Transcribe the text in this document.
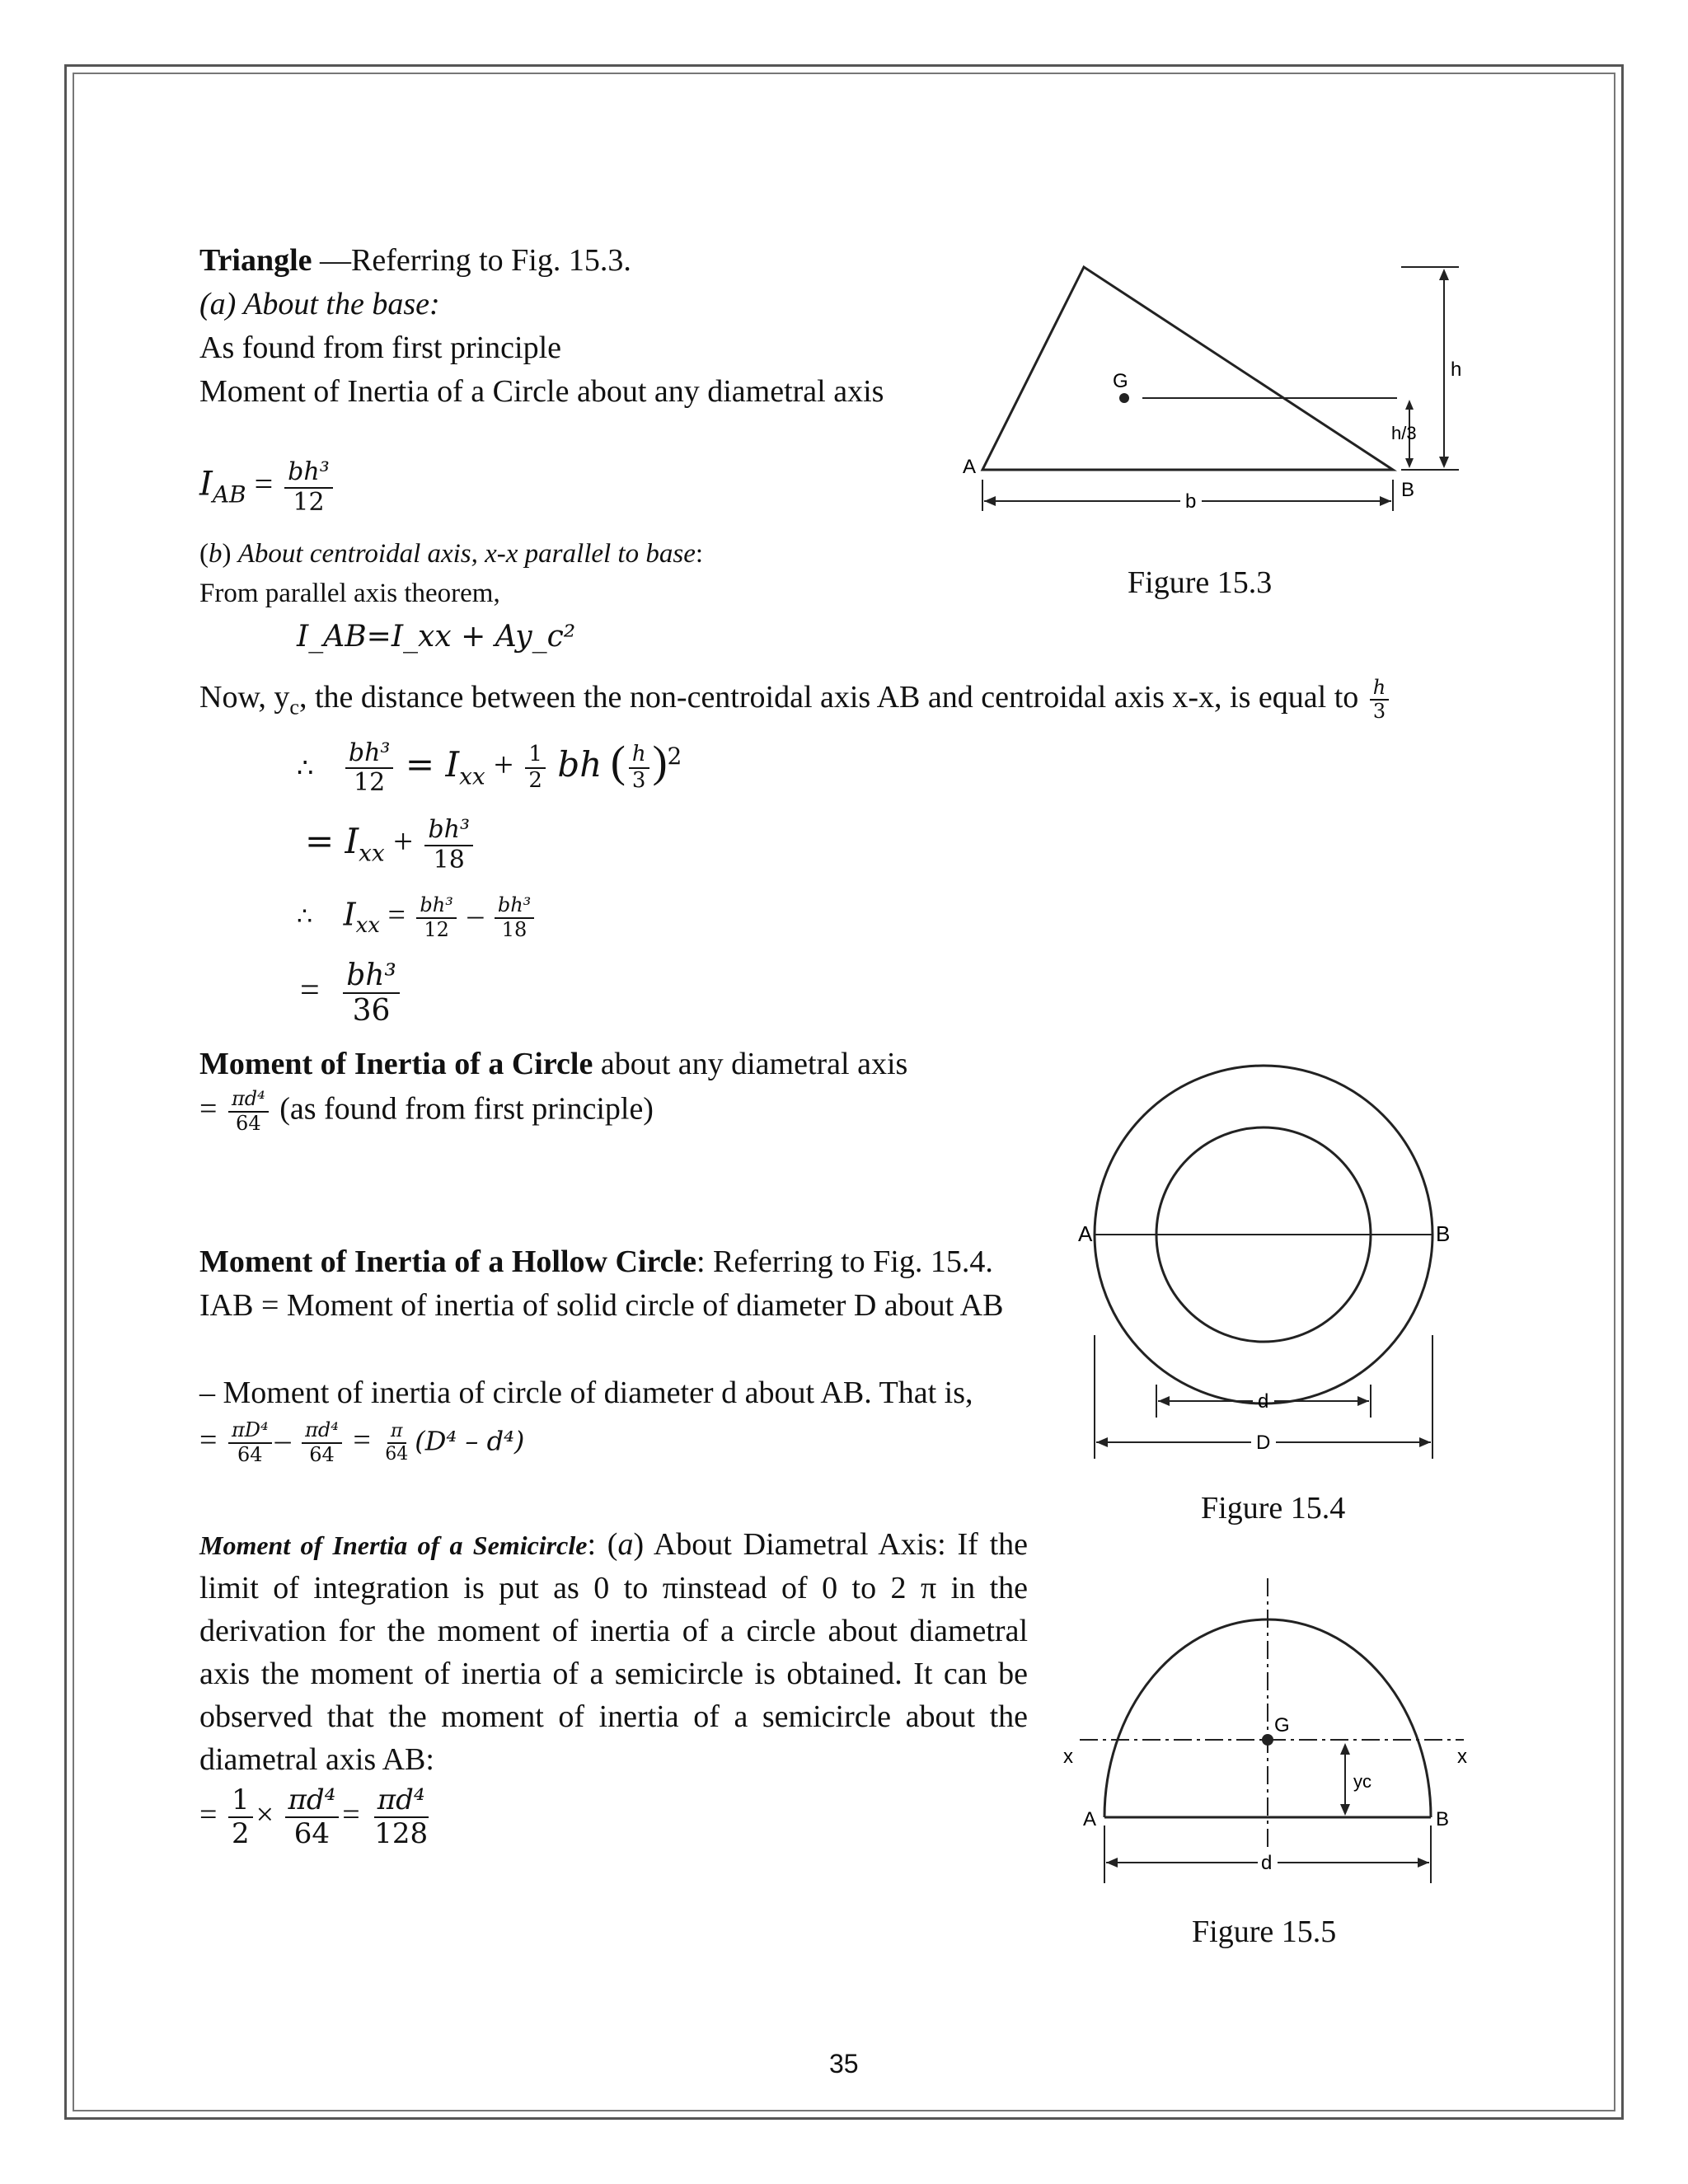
Triangle —Referring to Fig. 15.3.
(a) About the base:
As found from first principle
Moment of Inertia of a Circle about any diametral axis
$I_{AB} = \frac{\text{bh³}}{12}$
(b) About centroidal axis, x-x parallel to base:
From parallel axis theorem,
I_AB=I_xx + Ay_c²
Now, $y_c$, the distance between the non-centroidal axis AB and centroidal axis x-x, is equal to $\frac{h}{3}$
∴ $\frac{\text{bh³}}{12} = I_{xx} + \frac{1}{2}$ bh ( $\frac{h}{3} )^2$
= $I_{xx} + \frac{\text{bh³}}{18}$
∴ $I_{xx} = \frac{\text{bh³}}{12} - \frac{\text{bh³}}{18}$
= $\frac{\text{bh³}}{36}$
A
B
G
h
h/3
b
Figure 15.3
Moment of Inertia of a Circle about any diametral axis
= $\frac{\text{πd⁴}}{64} (as$ found from first principle)
Moment of Inertia of a Hollow Circle: Referring to Fig. 15.4.
IAB = Moment of inertia of solid circle of diameter D about AB
– Moment of inertia of circle of diameter d about AB. That is,
= $\frac{\text{πD⁴}}{64} - \frac{\text{πd⁴}}{64} = \frac{\pi}{64} (D^4 - d^4)$
A	B
d
D
Figure 15.4
Moment of Inertia of a Semicircle: (a) About Diametral Axis: If the limit of integration is put as 0 to πinstead of 0 to 2 π in the derivation for the moment of inertia of a circle about diametral axis the moment of inertia of a semicircle is obtained. It can be observed that the moment of inertia of a semicircle about the diametral axis AB:
= $\frac{1}{2} \times \frac{\text{πd⁴}}{64} = \frac{\text{πd⁴}}{128}$
x	x
A	B
G
yc
d
Figure 15.5
35
